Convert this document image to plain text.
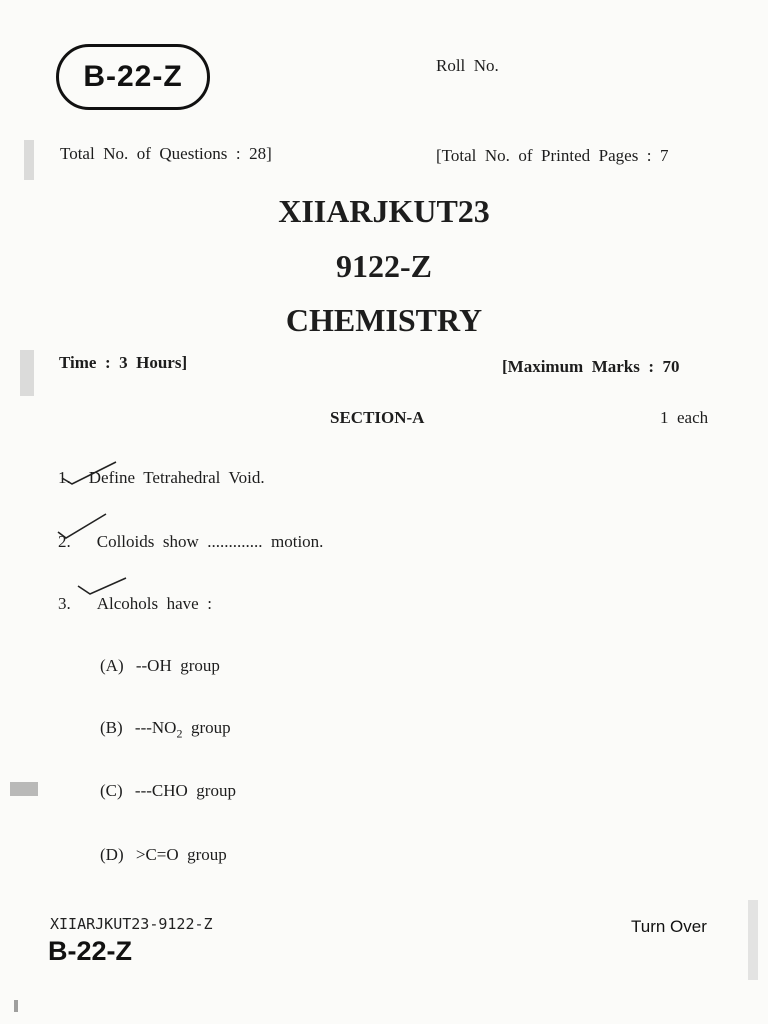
B-22-Z	Roll  No.
Total  No.  of  Questions  :  28]	[Total  No.  of  Printed  Pages  :  7
XIIARJKUT23
9122-Z
CHEMISTRY
Time  :  3  Hours]	[Maximum  Marks  :  70
SECTION-A	1  each
1. Define  Tetrahedral  Void.
2. Colloids  show  .............  motion.
3. Alcohols  have  :
(A) --OH  group
(B) $---NO_2$  group
(C) ---CHO  group
(D) >C=O  group
XIIARJKUT23-9122-Z
B-22-Z
Turn Over
